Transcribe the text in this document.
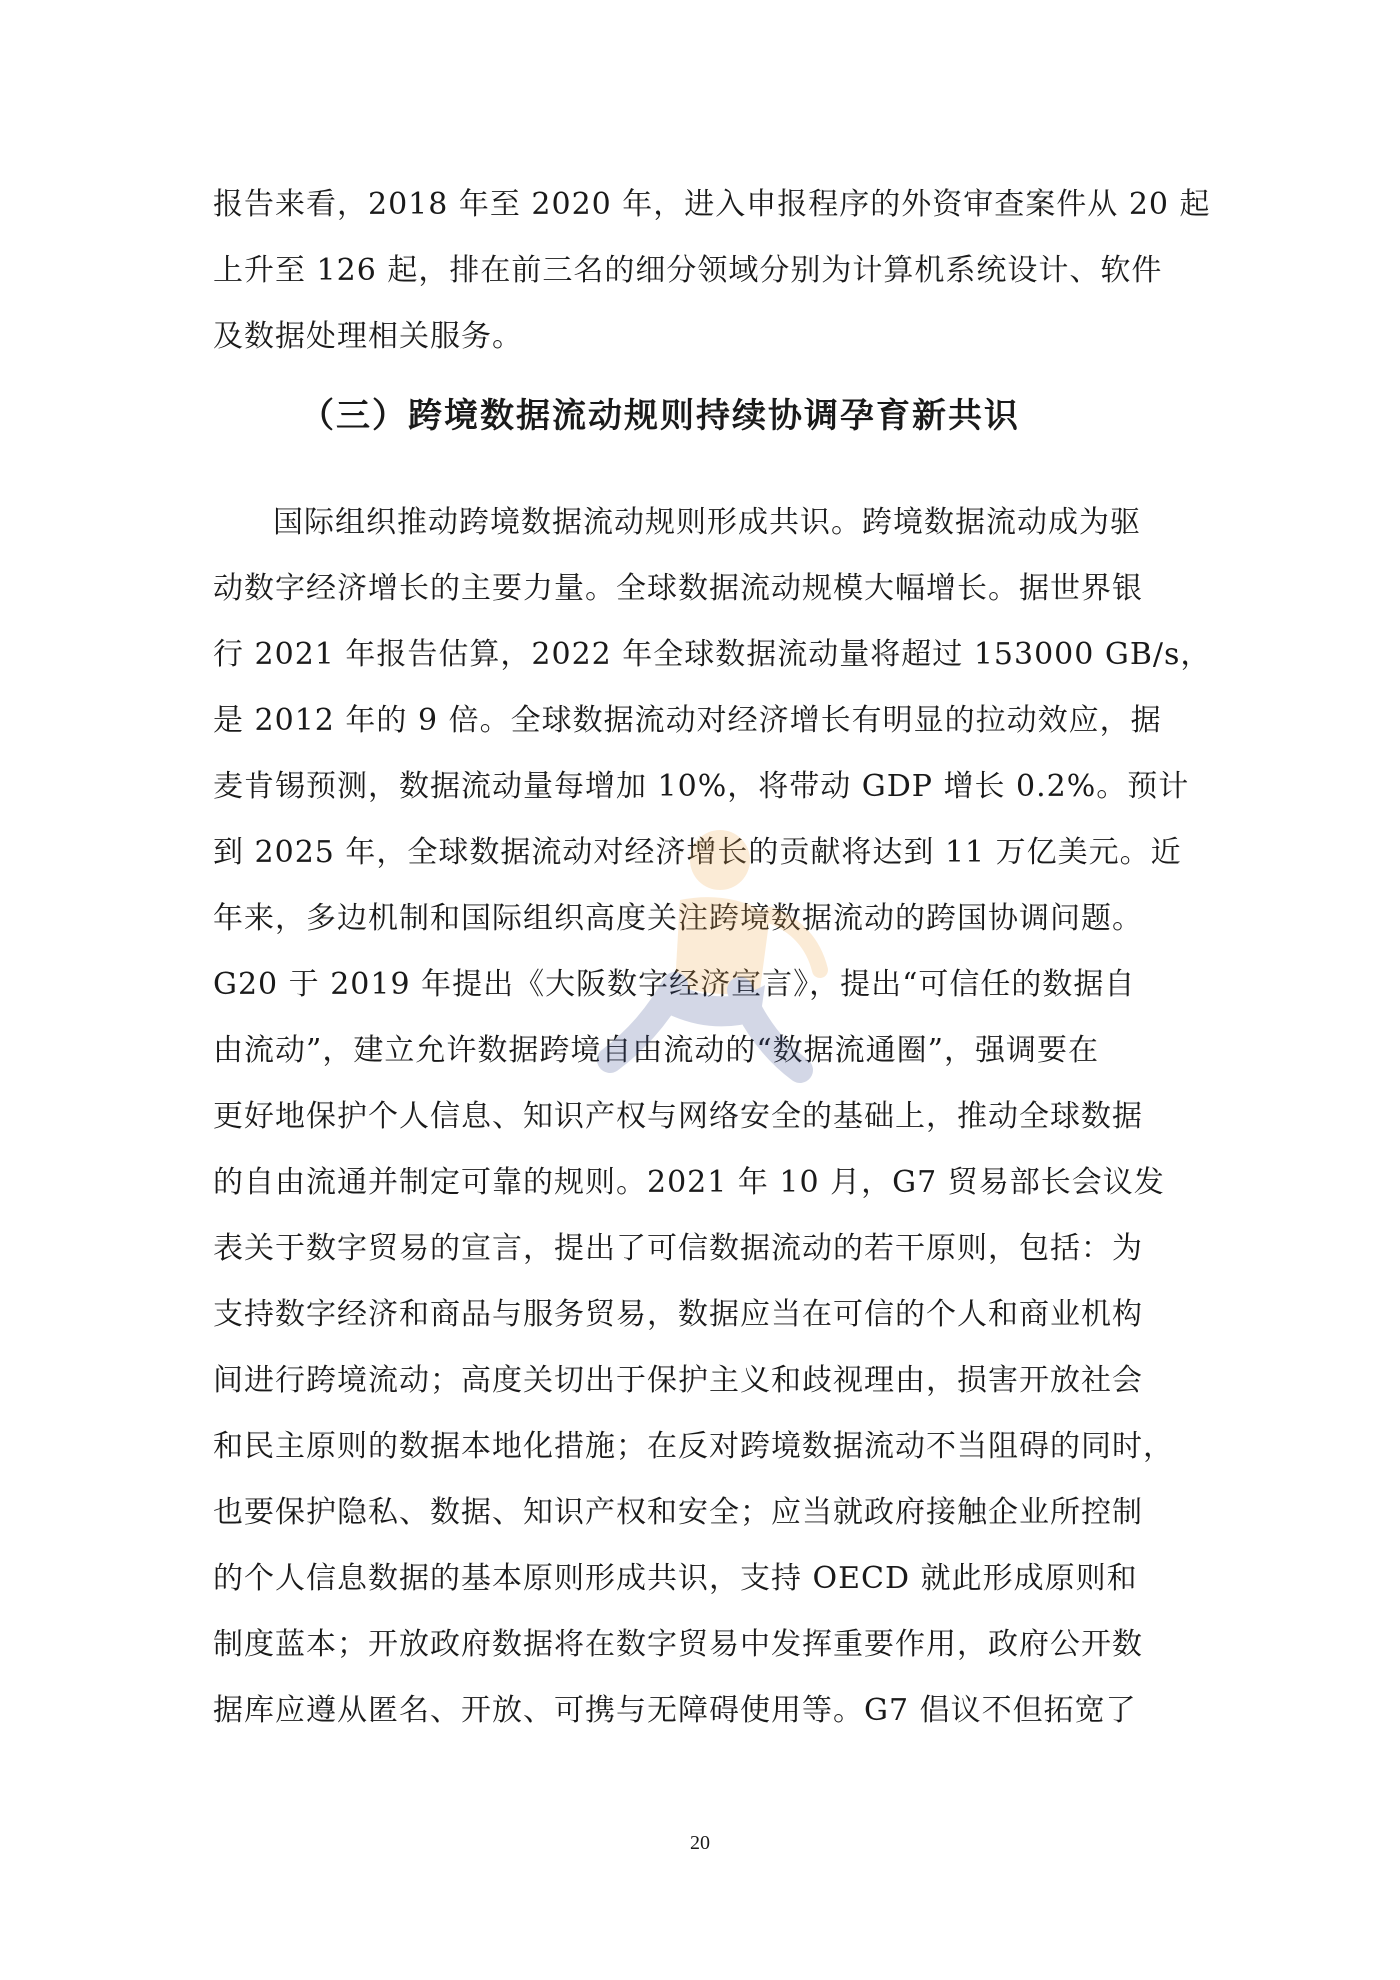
报告来看，2018 年至 2020 年，进入申报程序的外资审查案件从 20 起
上升至 126 起，排在前三名的细分领域分别为计算机系统设计、软件
及数据处理相关服务。
（三）跨境数据流动规则持续协调孕育新共识
国际组织推动跨境数据流动规则形成共识。跨境数据流动成为驱
动数字经济增长的主要力量。全球数据流动规模大幅增长。据世界银
行 2021 年报告估算，2022 年全球数据流动量将超过 153000 GB/s，
是 2012 年的 9 倍。全球数据流动对经济增长有明显的拉动效应，据
麦肯锡预测，数据流动量每增加 10%，将带动 GDP 增长 0.2%。预计
到 2025 年，全球数据流动对经济增长的贡献将达到 11 万亿美元。近
年来，多边机制和国际组织高度关注跨境数据流动的跨国协调问题。
G20 于 2019 年提出《大阪数字经济宣言》，提出“可信任的数据自
由流动”，建立允许数据跨境自由流动的“数据流通圈”，强调要在
更好地保护个人信息、知识产权与网络安全的基础上，推动全球数据
的自由流通并制定可靠的规则。2021 年 10 月，G7 贸易部长会议发
表关于数字贸易的宣言，提出了可信数据流动的若干原则，包括：为
支持数字经济和商品与服务贸易，数据应当在可信的个人和商业机构
间进行跨境流动；高度关切出于保护主义和歧视理由，损害开放社会
和民主原则的数据本地化措施；在反对跨境数据流动不当阻碍的同时，
也要保护隐私、数据、知识产权和安全；应当就政府接触企业所控制
的个人信息数据的基本原则形成共识，支持 OECD 就此形成原则和
制度蓝本；开放政府数据将在数字贸易中发挥重要作用，政府公开数
据库应遵从匿名、开放、可携与无障碍使用等。G7 倡议不但拓宽了
20
